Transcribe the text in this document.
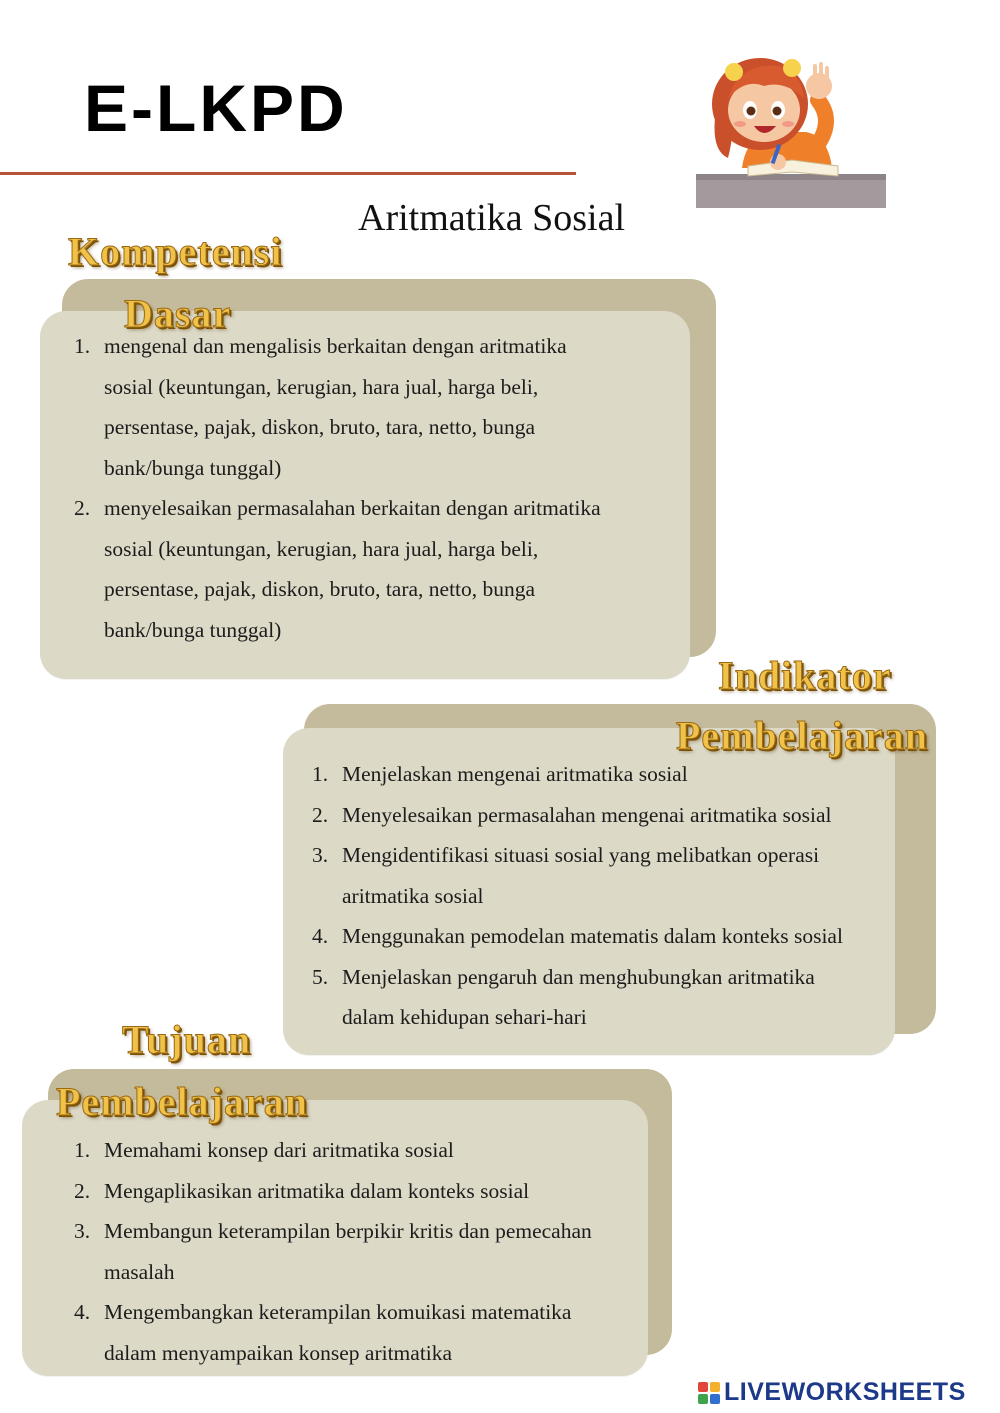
E-LKPD
Aritmatika Sosial
Kompetensi
Dasar
1. mengenal dan mengalisis berkaitan dengan aritmatika
sosial (keuntungan, kerugian, hara jual, harga beli,
persentase, pajak, diskon, bruto, tara, netto, bunga
bank/bunga tunggal)
2. menyelesaikan permasalahan berkaitan dengan aritmatika
sosial (keuntungan, kerugian, hara jual, harga beli,
persentase, pajak, diskon, bruto, tara, netto, bunga
bank/bunga tunggal)
Indikator
Pembelajaran
1. Menjelaskan mengenai aritmatika sosial
2. Menyelesaikan permasalahan mengenai aritmatika sosial
3. Mengidentifikasi situasi sosial yang melibatkan operasi
aritmatika sosial
4. Menggunakan pemodelan matematis dalam konteks sosial
5. Menjelaskan pengaruh dan menghubungkan aritmatika
dalam kehidupan sehari-hari
Tujuan
Pembelajaran
1. Memahami konsep dari aritmatika sosial
2. Mengaplikasikan aritmatika dalam konteks sosial
3. Membangun keterampilan berpikir kritis dan pemecahan
masalah
4. Mengembangkan keterampilan komuikasi matematika
dalam menyampaikan konsep aritmatika
LIVEWORKSHEETS
